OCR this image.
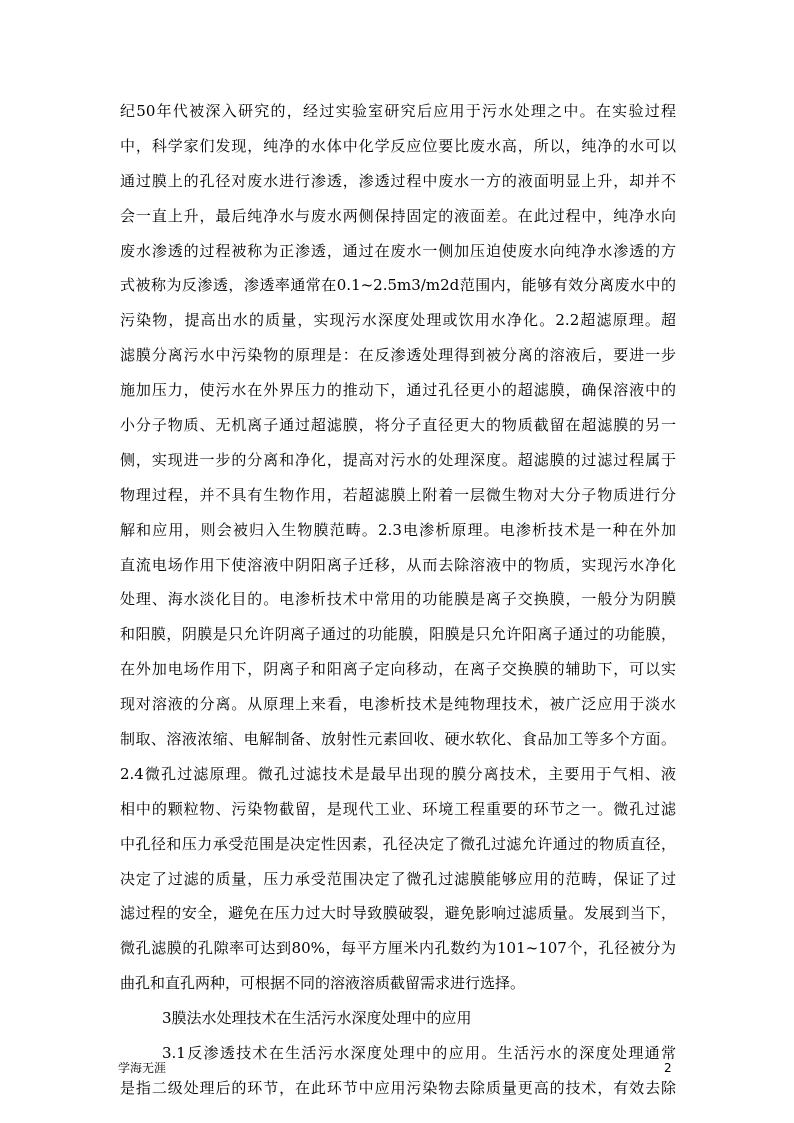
纪50年代被深入研究的，经过实验室研究后应用于污水处理之中。在实验过程
中，科学家们发现，纯净的水体中化学反应位要比废水高，所以，纯净的水可以
通过膜上的孔径对废水进行渗透，渗透过程中废水一方的液面明显上升，却并不
会一直上升，最后纯净水与废水两侧保持固定的液面差。在此过程中，纯净水向
废水渗透的过程被称为正渗透，通过在废水一侧加压迫使废水向纯净水渗透的方
式被称为反渗透，渗透率通常在0.1~2.5m3/m2d范围内，能够有效分离废水中的
污染物，提高出水的质量，实现污水深度处理或饮用水净化。2.2超滤原理。超
滤膜分离污水中污染物的原理是：在反渗透处理得到被分离的溶液后，要进一步
施加压力，使污水在外界压力的推动下，通过孔径更小的超滤膜，确保溶液中的
小分子物质、无机离子通过超滤膜，将分子直径更大的物质截留在超滤膜的另一
侧，实现进一步的分离和净化，提高对污水的处理深度。超滤膜的过滤过程属于
物理过程，并不具有生物作用，若超滤膜上附着一层微生物对大分子物质进行分
解和应用，则会被归入生物膜范畴。2.3电渗析原理。电渗析技术是一种在外加
直流电场作用下使溶液中阴阳离子迁移，从而去除溶液中的物质，实现污水净化
处理、海水淡化目的。电渗析技术中常用的功能膜是离子交换膜，一般分为阴膜
和阳膜，阴膜是只允许阴离子通过的功能膜，阳膜是只允许阳离子通过的功能膜，
在外加电场作用下，阴离子和阳离子定向移动，在离子交换膜的辅助下，可以实
现对溶液的分离。从原理上来看，电渗析技术是纯物理技术，被广泛应用于淡水
制取、溶液浓缩、电解制备、放射性元素回收、硬水软化、食品加工等多个方面。
2.4微孔过滤原理。微孔过滤技术是最早出现的膜分离技术，主要用于气相、液
相中的颗粒物、污染物截留，是现代工业、环境工程重要的环节之一。微孔过滤
中孔径和压力承受范围是决定性因素，孔径决定了微孔过滤允许通过的物质直径，
决定了过滤的质量，压力承受范围决定了微孔过滤膜能够应用的范畴，保证了过
滤过程的安全，避免在压力过大时导致膜破裂，避免影响过滤质量。发展到当下，
微孔滤膜的孔隙率可达到80%，每平方厘米内孔数约为101~107个，孔径被分为
曲孔和直孔两种，可根据不同的溶液溶质截留需求进行选择。
3膜法水处理技术在生活污水深度处理中的应用
3.1反渗透技术在生活污水深度处理中的应用。生活污水的深度处理通常
是指二级处理后的环节，在此环节中应用污染物去除质量更高的技术，有效去除
学海无涯	2
